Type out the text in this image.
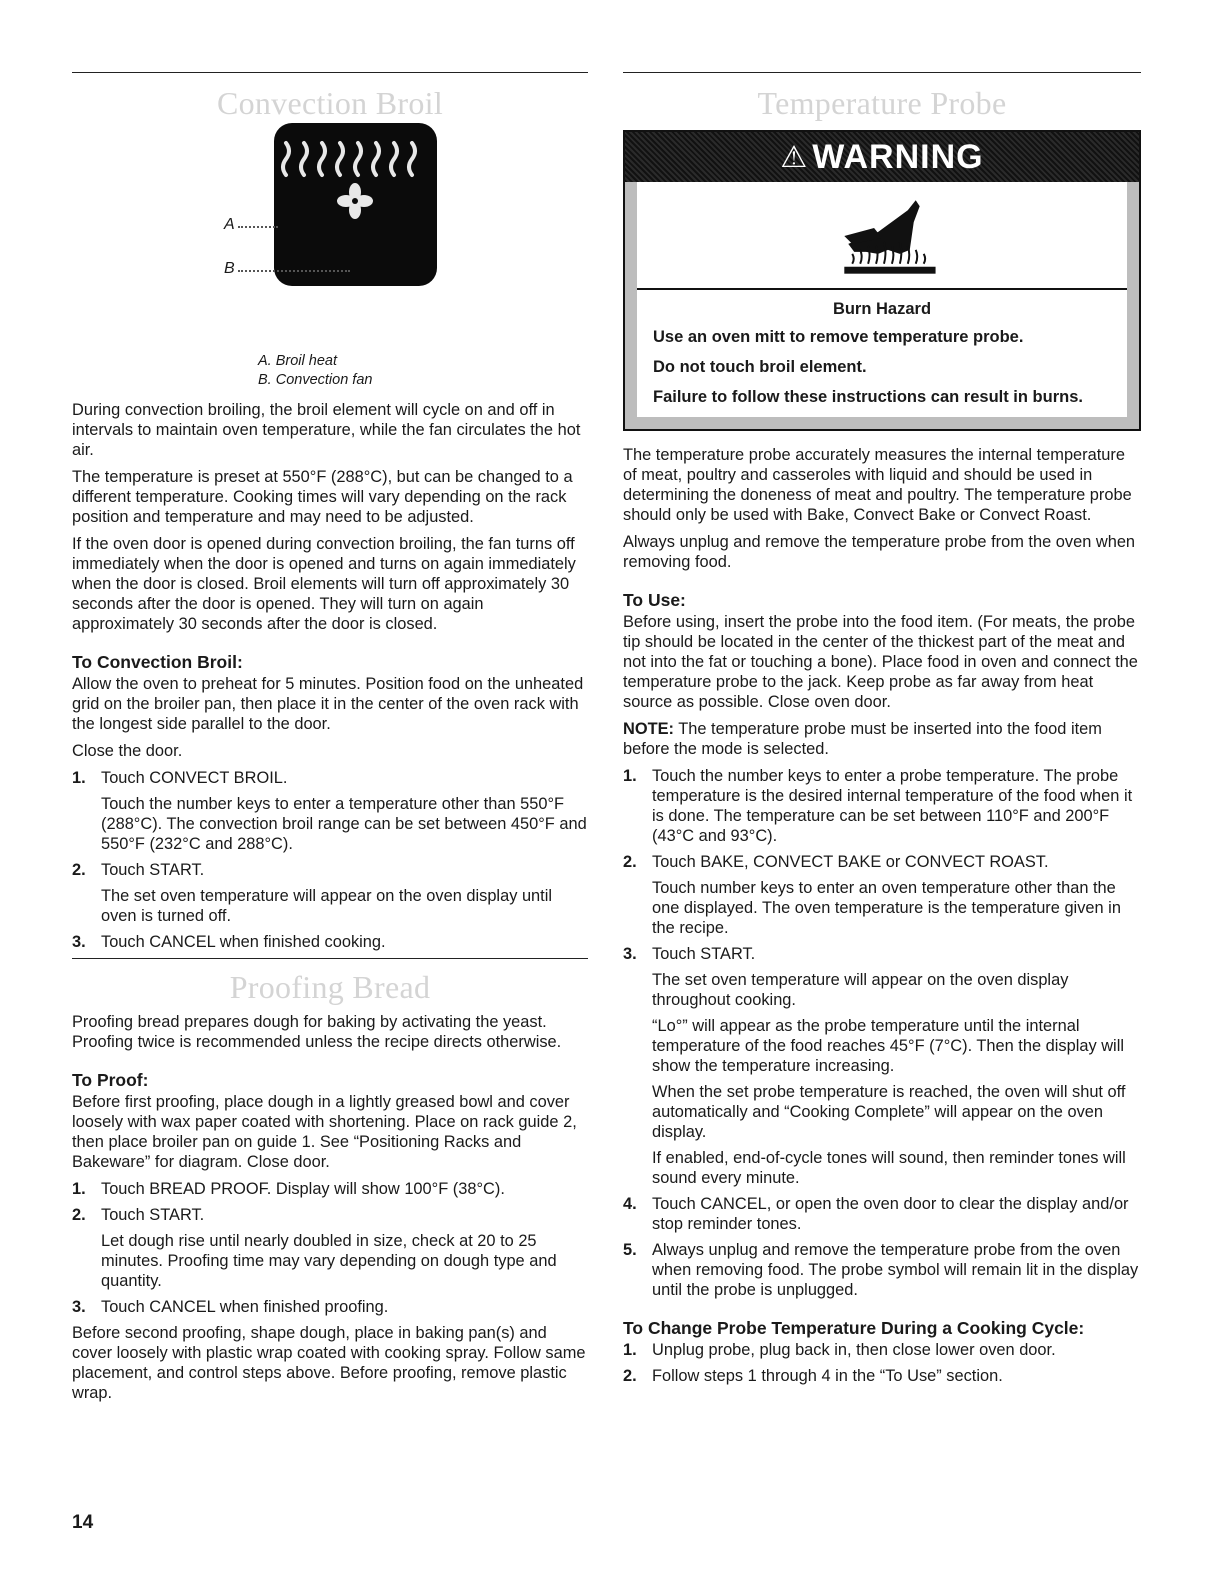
Convection Broil
A
B
A. Broil heat
B. Convection fan

During convection broiling, the broil element will cycle on and off in intervals to maintain oven temperature, while the fan circulates the hot air.

The temperature is preset at 550°F (288°C), but can be changed to a different temperature. Cooking times will vary depending on the rack position and temperature and may need to be adjusted.

If the oven door is opened during convection broiling, the fan turns off immediately when the door is opened and turns on again immediately when the door is closed. Broil elements will turn off approximately 30 seconds after the door is opened. They will turn on again approximately 30 seconds after the door is closed.

To Convection Broil:

Allow the oven to preheat for 5 minutes. Position food on the unheated grid on the broiler pan, then place it in the center of the oven rack with the longest side parallel to the door.

Close the door.

1. Touch CONVECT BROIL.

Touch the number keys to enter a temperature other than 550°F (288°C). The convection broil range can be set between 450°F and 550°F (232°C and 288°C).

2. Touch START.

The set oven temperature will appear on the oven display until oven is turned off.

3. Touch CANCEL when finished cooking.

Proofing Bread

Proofing bread prepares dough for baking by activating the yeast. Proofing twice is recommended unless the recipe directs otherwise.

To Proof:

Before first proofing, place dough in a lightly greased bowl and cover loosely with wax paper coated with shortening. Place on rack guide 2, then place broiler pan on guide 1. See “Positioning Racks and Bakeware” for diagram. Close door.

1. Touch BREAD PROOF. Display will show 100°F (38°C).

2. Touch START.

Let dough rise until nearly doubled in size, check at 20 to 25 minutes. Proofing time may vary depending on dough type and quantity.

3. Touch CANCEL when finished proofing.

Before second proofing, shape dough, place in baking pan(s) and cover loosely with plastic wrap coated with cooking spray. Follow same placement, and control steps above. Before proofing, remove plastic wrap.

Temperature Probe
⚠ WARNING
Burn Hazard
Use an oven mitt to remove temperature probe.
Do not touch broil element.
Failure to follow these instructions can result in burns.

The temperature probe accurately measures the internal temperature of meat, poultry and casseroles with liquid and should be used in determining the doneness of meat and poultry. The temperature probe should only be used with Bake, Convect Bake or Convect Roast.

Always unplug and remove the temperature probe from the oven when removing food.

To Use:

Before using, insert the probe into the food item. (For meats, the probe tip should be located in the center of the thickest part of the meat and not into the fat or touching a bone). Place food in oven and connect the temperature probe to the jack. Keep probe as far away from heat source as possible. Close oven door.

NOTE: The temperature probe must be inserted into the food item before the mode is selected.

1. Touch the number keys to enter a probe temperature. The probe temperature is the desired internal temperature of the food when it is done. The temperature can be set between 110°F and 200°F (43°C and 93°C).

2. Touch BAKE, CONVECT BAKE or CONVECT ROAST.

Touch number keys to enter an oven temperature other than the one displayed. The oven temperature is the temperature given in the recipe.

3. Touch START.

The set oven temperature will appear on the oven display throughout cooking.

“Lo°” will appear as the probe temperature until the internal temperature of the food reaches 45°F (7°C). Then the display will show the temperature increasing.

When the set probe temperature is reached, the oven will shut off automatically and “Cooking Complete” will appear on the oven display.

If enabled, end-of-cycle tones will sound, then reminder tones will sound every minute.

4. Touch CANCEL, or open the oven door to clear the display and/or stop reminder tones.

5. Always unplug and remove the temperature probe from the oven when removing food. The probe symbol will remain lit in the display until the probe is unplugged.

To Change Probe Temperature During a Cooking Cycle:
1. Unplug probe, plug back in, then close lower oven door.

2. Follow steps 1 through 4 in the “To Use” section.

14
